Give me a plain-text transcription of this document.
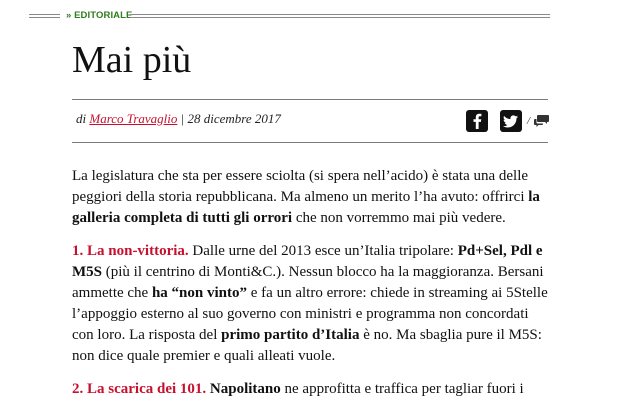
» EDITORIALE
Mai più
di Marco Travaglio | 28 dicembre 2017	/

La legislatura che sta per essere sciolta (si spera nell’acido) è stata una delle peggiori della storia repubblicana. Ma almeno un merito l’ha avuto: offrirci la galleria completa di tutti gli orrori che non vorremmo mai più vedere.

1. La non-vittoria. Dalle urne del 2013 esce un’Italia tripolare: Pd+Sel, Pdl e M5S (più il centrino di Monti&C.). Nessun blocco ha la maggioranza. Bersani ammette che ha “non vinto” e fa un altro errore: chiede in streaming ai 5Stelle l’appoggio esterno al suo governo con ministri e programma non concordati con loro. La risposta del primo partito d’Italia è no. Ma sbaglia pure il M5S: non dice quale premier e quali alleati vuole.

2. La scarica dei 101. Napolitano ne approfitta e traffica per tagliar fuori i
